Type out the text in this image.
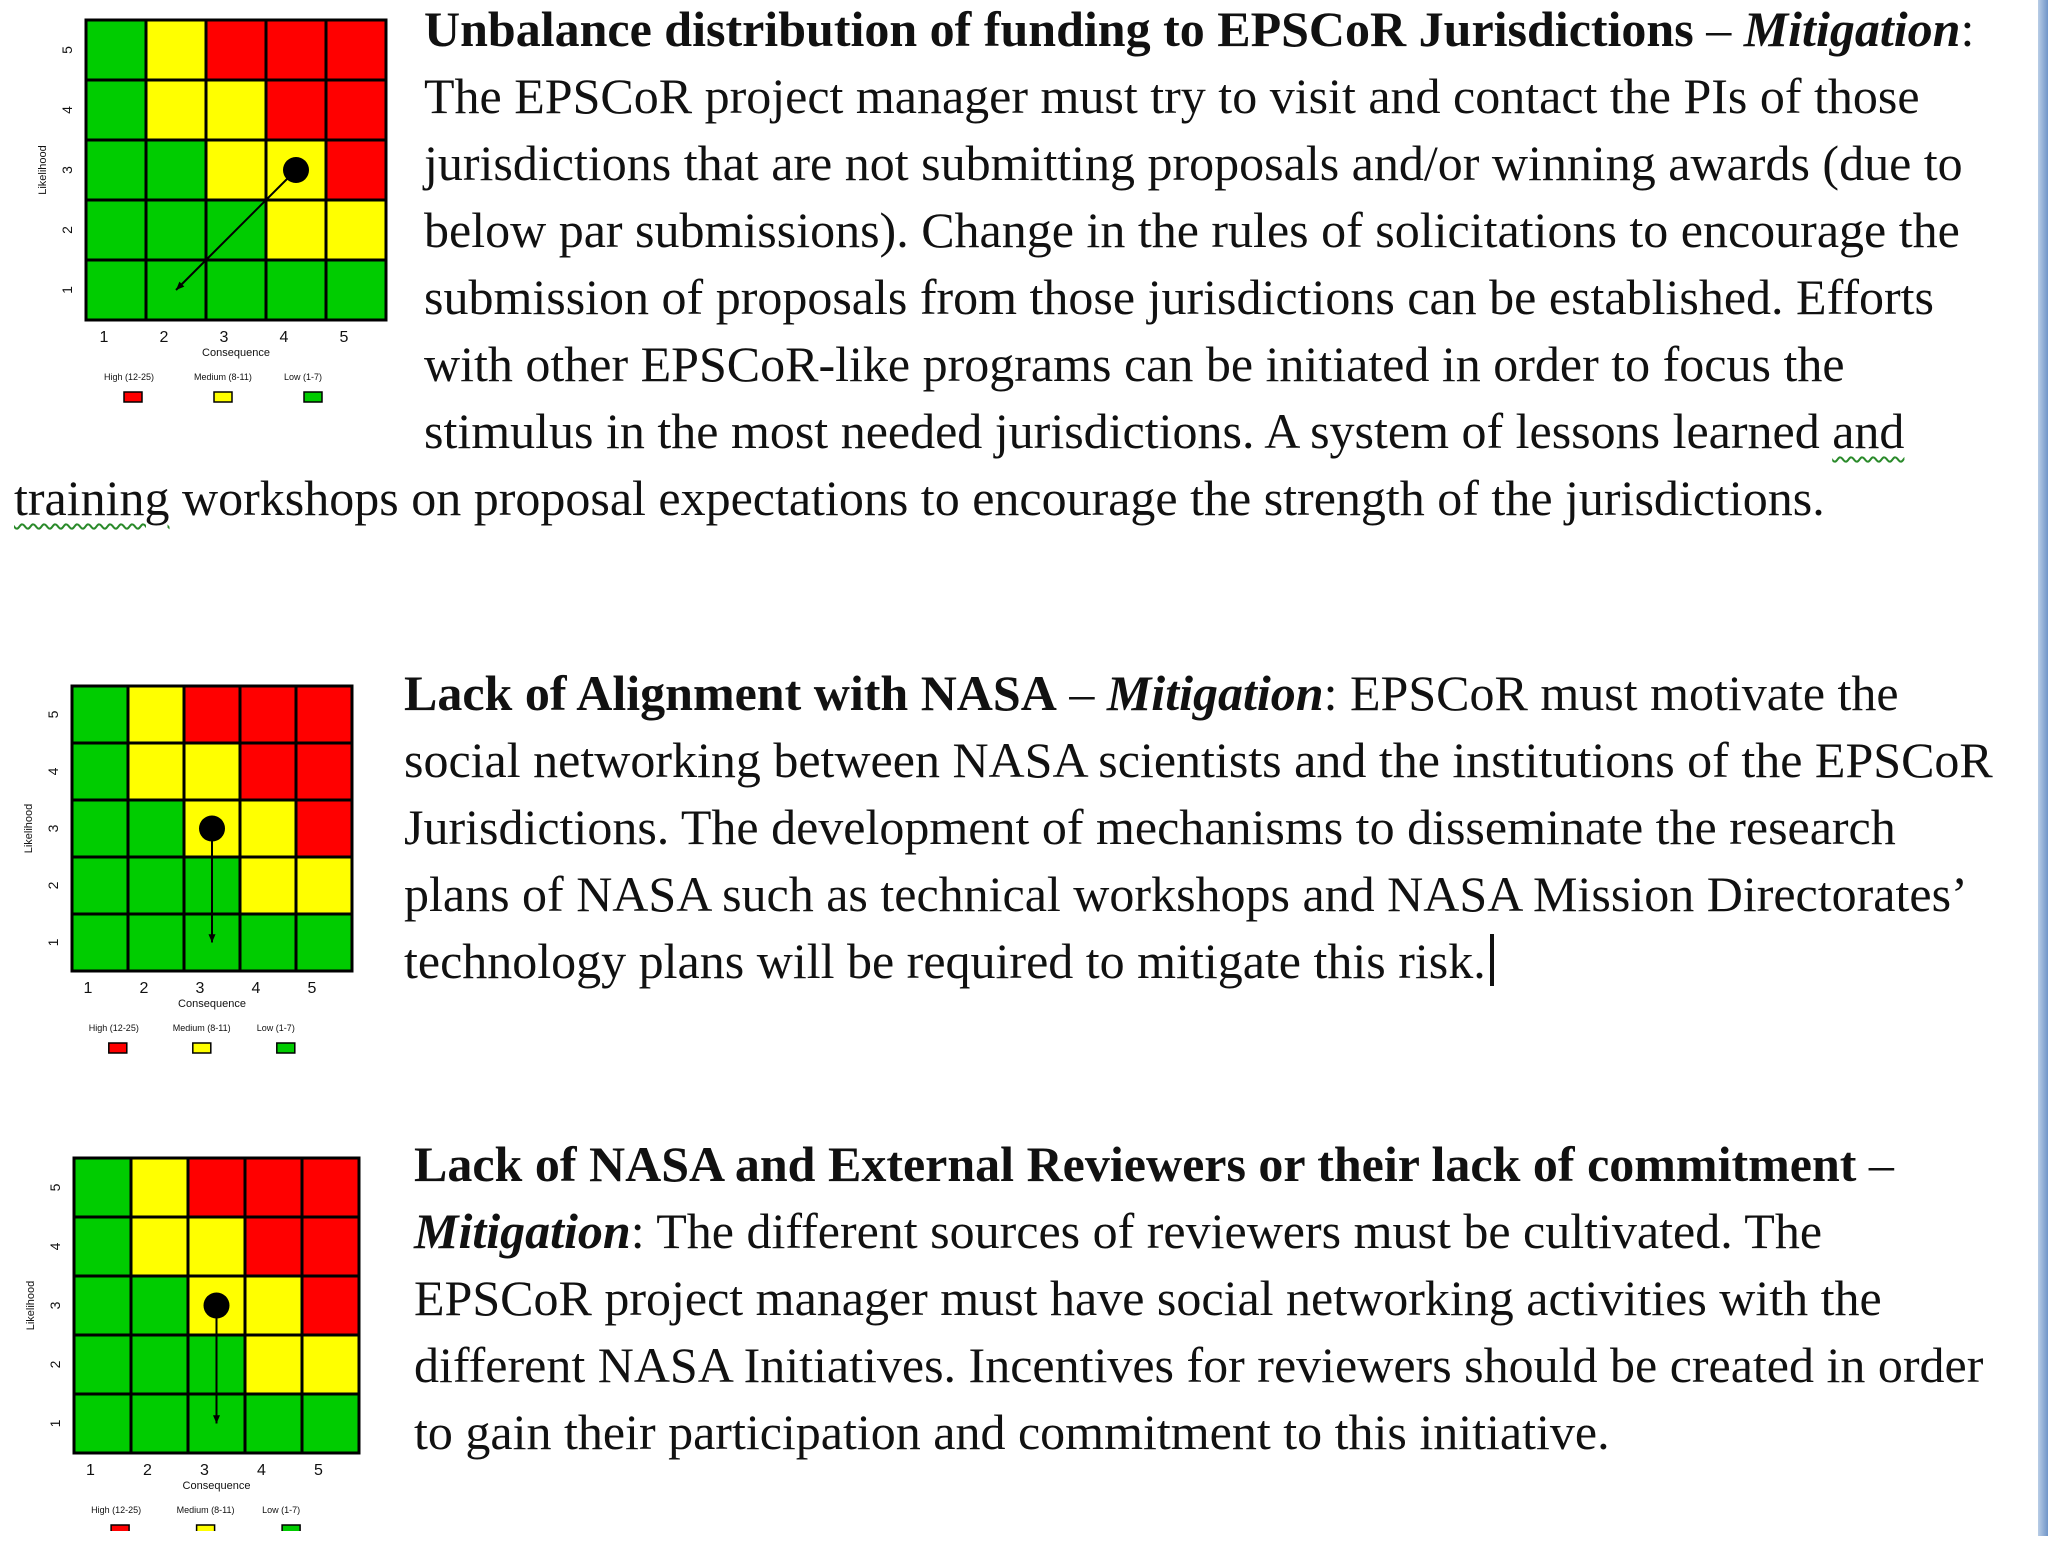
1	2	3	4	5
1
2
3
4
5
Consequence
Likelihood
High (12-25)	Medium (8-11)	Low (1-7)
Unbalance distribution of funding to EPSCoR Jurisdictions – Mitigation: The EPSCoR project manager must try to visit and contact the PIs of those jurisdictions that are not submitting proposals and/or winning awards (due to below par submissions). Change in the rules of solicitations to encourage the submission of proposals from those jurisdictions can be established. Efforts with other EPSCoR-like programs can be initiated in order to focus the stimulus in the most needed jurisdictions. A system of lessons learned and training workshops on proposal expectations to encourage the strength of the jurisdictions.
1	2	3	4	5
1
2
3
4
5
Consequence
Likelihood
High (12-25)	Medium (8-11)	Low (1-7)
Lack of Alignment with NASA – Mitigation: EPSCoR must motivate the social networking between NASA scientists and the institutions of the EPSCoR Jurisdictions. The development of mechanisms to disseminate the research plans of NASA such as technical workshops and NASA Mission Directorates’ technology plans will be required to mitigate this risk.
1	2	3	4	5
1
2
3
4
5
Consequence
Likelihood
High (12-25)	Medium (8-11)	Low (1-7)
Lack of NASA and External Reviewers or their lack of commitment – Mitigation: The different sources of reviewers must be cultivated. The EPSCoR project manager must have social networking activities with the different NASA Initiatives. Incentives for reviewers should be created in order to gain their participation and commitment to this initiative.
